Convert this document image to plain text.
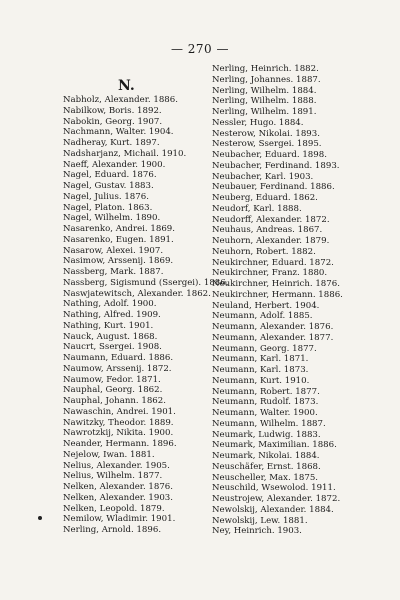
— 270 —
N.
Nabholz, Alexander. 1886.
Nabilkow, Boris. 1892.
Nabokin, Georg. 1907.
Nachmann, Walter. 1904.
Nadheray, Kurt. 1897.
Nadsharjanz, Michail. 1910.
Naeff, Alexander. 1900.
Nagel, Eduard. 1876.
Nagel, Gustav. 1883.
Nagel, Julius. 1876.
Nagel, Platon. 1863.
Nagel, Wilhelm. 1890.
Nasarenko, Andrei. 1869.
Nasarenko, Eugen. 1891.
Nasarow, Alexei. 1907.
Nasimow, Arssenij. 1869.
Nassberg, Mark. 1887.
Nassberg, Sigismund (Ssergei). 1886.
Naswjatewitsch, Alexander. 1862.
Nathing, Adolf. 1900.
Nathing, Alfred. 1909.
Nathing, Kurt. 1901.
Nauck, August. 1868.
Naucrt, Ssergei. 1908.
Naumann, Eduard. 1886.
Naumow, Arssenij. 1872.
Naumow, Fedor. 1871.
Nauphal, Georg. 1862.
Nauphal, Johann. 1862.
Nawaschin, Andrei. 1901.
Nawitzky, Theodor. 1889.
Nawrotzkij, Nikita. 1900.
Neander, Hermann. 1896.
Nejelow, Iwan. 1881.
Nelius, Alexander. 1905.
Nelius, Wilhelm. 1877.
Nelken, Alexander. 1876.
Nelken, Alexander. 1903.
Nelken, Leopold. 1879.
Nemilow, Wladimir. 1901.
Nerling, Arnold. 1896.
Nerling, Heinrich. 1882.
Nerling, Johannes. 1887.
Nerling, Wilhelm. 1884.
Nerling, Wilhelm. 1888.
Nerling, Wilhelm. 1891.
Nessler, Hugo. 1884.
Nesterow, Nikolai. 1893.
Nesterow, Ssergei. 1895.
Neubacher, Eduard. 1898.
Neubacher, Ferdinand. 1893.
Neubacher, Karl. 1903.
Neubauer, Ferdinand. 1886.
Neuberg, Eduard. 1862.
Neudorf, Karl. 1888.
Neudorff, Alexander. 1872.
Neuhaus, Andreas. 1867.
Neuhorn, Alexander. 1879.
Neuhorn, Robert. 1882.
Neukirchner, Eduard. 1872.
Neukirchner, Franz. 1880.
Neukirchner, Heinrich. 1876.
Neukirchner, Hermann. 1886.
Neuland, Herbert. 1904.
Neumann, Adolf. 1885.
Neumann, Alexander. 1876.
Neumann, Alexander. 1877.
Neumann, Georg. 1877.
Neumann, Karl. 1871.
Neumann, Karl. 1873.
Neumann, Kurt. 1910.
Neumann, Robert. 1877.
Neumann, Rudolf. 1873.
Neumann, Walter. 1900.
Neumann, Wilhelm. 1887.
Neumark, Ludwig. 1883.
Neumark, Maximilian. 1886.
Neumark, Nikolai. 1884.
Neuschäfer, Ernst. 1868.
Neuscheller, Max. 1875.
Neuschild, Wsewolod. 1911.
Neustrojew, Alexander. 1872.
Newolskij, Alexander. 1884.
Newolskij, Lew. 1881.
Ney, Heinrich. 1903.
